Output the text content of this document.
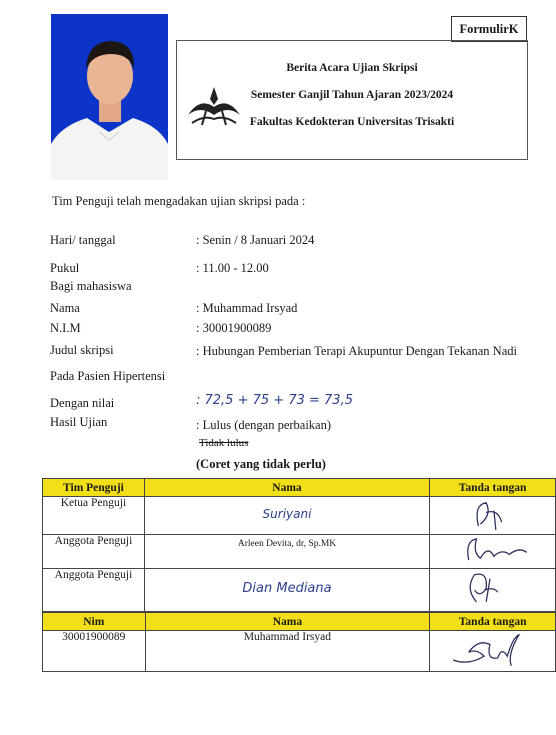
FormulirK
Berita Acara Ujian Skripsi
Semester Ganjil Tahun Ajaran 2023/2024
Fakultas Kedokteran Universitas Trisakti
Tim Penguji telah mengadakan ujian skripsi pada :
Hari/ tanggal	: Senin / 8 Januari 2024
Pukul	: 11.00 - 12.00
Bagi mahasiswa
Nama	: Muhammad Irsyad
N.I.M	: 30001900089
Judul skripsi	: Hubungan Pemberian Terapi Akupuntur Dengan Tekanan Nadi
Pada Pasien Hipertensi
Dengan nilai	: 72,5 + 75 + 73 = 73,5
Hasil Ujian	: Lulus (dengan perbaikan)
Tidak lulus
(Coret yang tidak perlu)
Tim Penguji	Nama	Tanda tangan
Ketua Penguji	Suriyani	
Anggota Penguji	Arleen Devita, dr, Sp.MK	
Anggota Penguji	Dian Mediana	
Nim	Nama	Tanda tangan
30001900089	Muhammad Irsyad	
